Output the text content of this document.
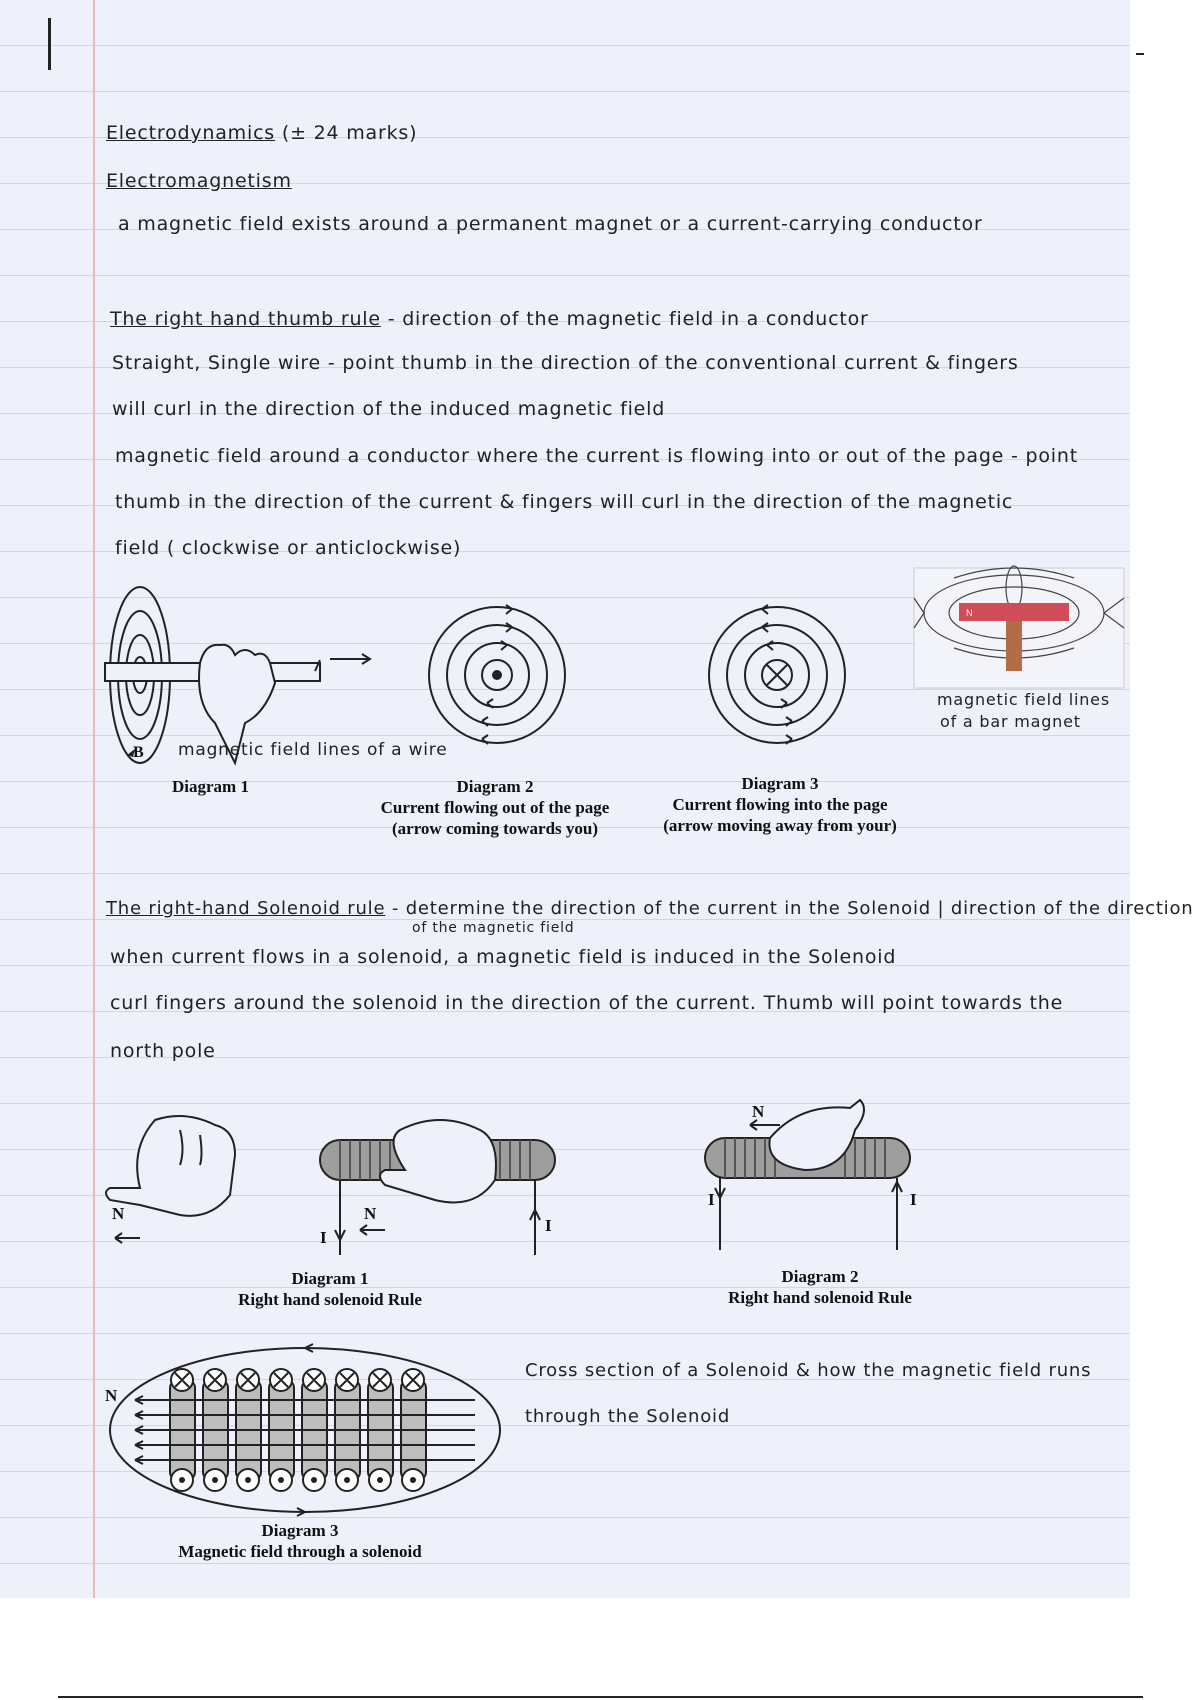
Electrodynamics (± 24 marks)
Electromagnetism
a magnetic field exists around a permanent magnet or a current-carrying conductor
The right hand thumb rule - direction of the magnetic field in a conductor
Straight, Single wire - point thumb in the direction of the conventional current & fingers
will curl in the direction of the induced magnetic field
magnetic field around a conductor where the current is flowing into or out of the page - point
thumb in the direction of the current & fingers will curl in the direction of the magnetic
field ( clockwise or anticlockwise)
B magnetic field lines of a wire
Diagram 1	Diagram 2
Current flowing out of the page
(arrow coming towards you)
Diagram 3
Current flowing into the page
(arrow moving away from your)
N
magnetic field lines
of a bar magnet
The right-hand Solenoid rule - determine the direction of the current in the Solenoid | direction of the direction
of the magnetic field
when current flows in a solenoid, a magnetic field is induced in the Solenoid
curl fingers around the solenoid in the direction of the current. Thumb will point towards the
north pole
N	N
I
I
Diagram 1
Right hand solenoid Rule
N
I	I
Diagram 2
Right hand solenoid Rule
N
Diagram 3
Magnetic field through a solenoid
Cross section of a Solenoid & how the magnetic field runs
through the Solenoid
